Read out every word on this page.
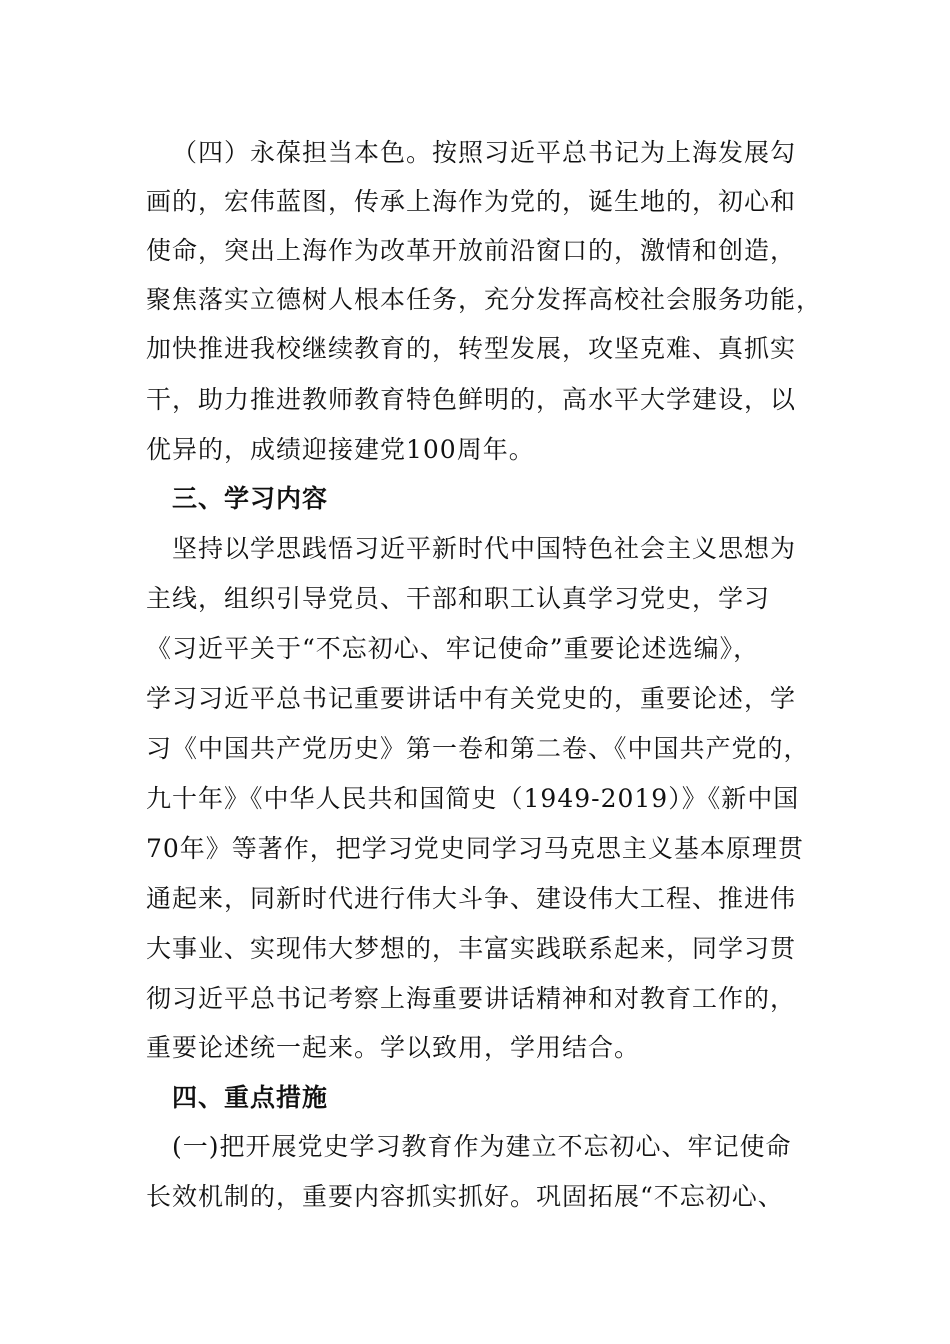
（四）永葆担当本色。按照习近平总书记为上海发展勾
画的，宏伟蓝图，传承上海作为党的，诞生地的，初心和
使命，突出上海作为改革开放前沿窗口的，激情和创造，
聚焦落实立德树人根本任务，充分发挥高校社会服务功能，
加快推进我校继续教育的，转型发展，攻坚克难、真抓实
干，助力推进教师教育特色鲜明的，高水平大学建设，以
优异的，成绩迎接建党100周年。
三、学习内容
坚持以学思践悟习近平新时代中国特色社会主义思想为
主线，组织引导党员、干部和职工认真学习党史，学习
《习近平关于“不忘初心、牢记使命”重要论述选编》，
学习习近平总书记重要讲话中有关党史的，重要论述，学
习《中国共产党历史》第一卷和第二卷、《中国共产党的，
九十年》《中华人民共和国简史（1949-2019）》《新中国
70年》等著作，把学习党史同学习马克思主义基本原理贯
通起来，同新时代进行伟大斗争、建设伟大工程、推进伟
大事业、实现伟大梦想的，丰富实践联系起来，同学习贯
彻习近平总书记考察上海重要讲话精神和对教育工作的，
重要论述统一起来。学以致用，学用结合。
四、重点措施
(一)把开展党史学习教育作为建立不忘初心、牢记使命
长效机制的，重要内容抓实抓好。巩固拓展“不忘初心、
